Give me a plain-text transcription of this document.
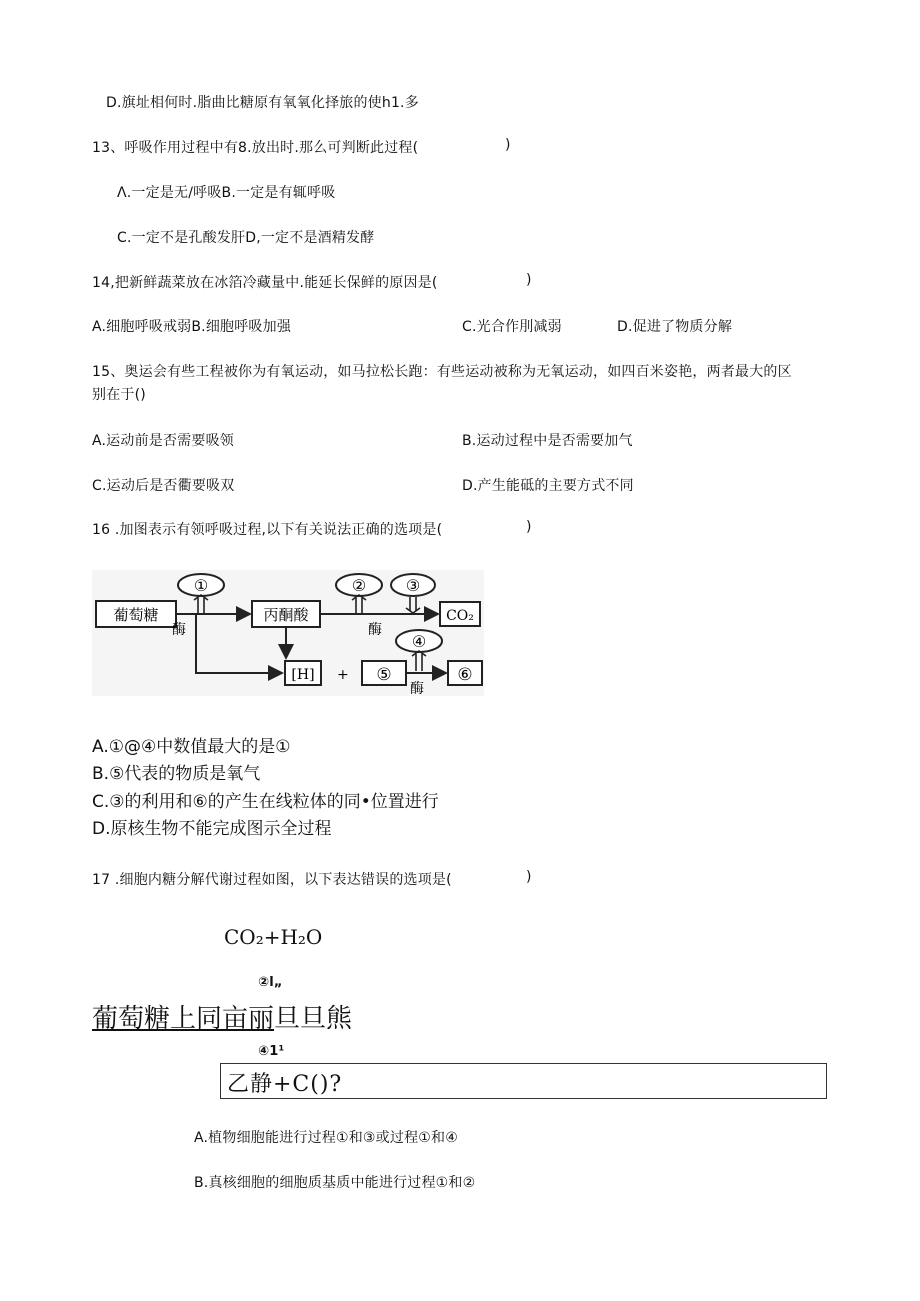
D.旗址相何时.脂曲比糖原有氧氧化择旅的使h1.多
13、呼吸作用过程中有8.放出时.那么可判断此过程(	)
Λ.一定是无/呼吸B.一定是有辄呼吸
C.一定不是孔酸发肝D,一定不是酒精发酵
14,把新鲜蔬菜放在冰箔冷藏量中.能延长保鲜的原因是(	)
A.细胞呼吸戒弱B.细胞呼吸加强	C.光合作刖减弱	D.促进了物质分解
15、奥运会有些工程被你为有氧运动，如马拉松长跑：有些运动被称为无氧运动，如四百米姿艳，两者最大的区
别在于()
A.运动前是否需要吸领	B.运动过程中是否需要加气
C.运动后是否衢要吸双	D.产生能砥的主要方式不同
16 .加图表示有领呼吸过程,以下有关说法正确的选项是(	)
葡萄糖	丙酮酸	CO₂
[H] + ⑤	⑥
①	② ③
④
酶	酶
酶
A.①@④中数值最大的是①
B.⑤代表的物质是氧气
C.③的利用和⑥的产生在线粒体的同•位置进行
D.原核生物不能完成图示全过程
17 .细胞内糖分解代谢过程如图，以下表达错误的选项是(	)
CO₂+H₂O
②l„
葡萄糖上同亩丽旦旦熊
④1¹
乙静+C()?
A.植物细胞能进行过程①和③或过程①和④
B.真核细胞的细胞质基质中能进行过程①和②
